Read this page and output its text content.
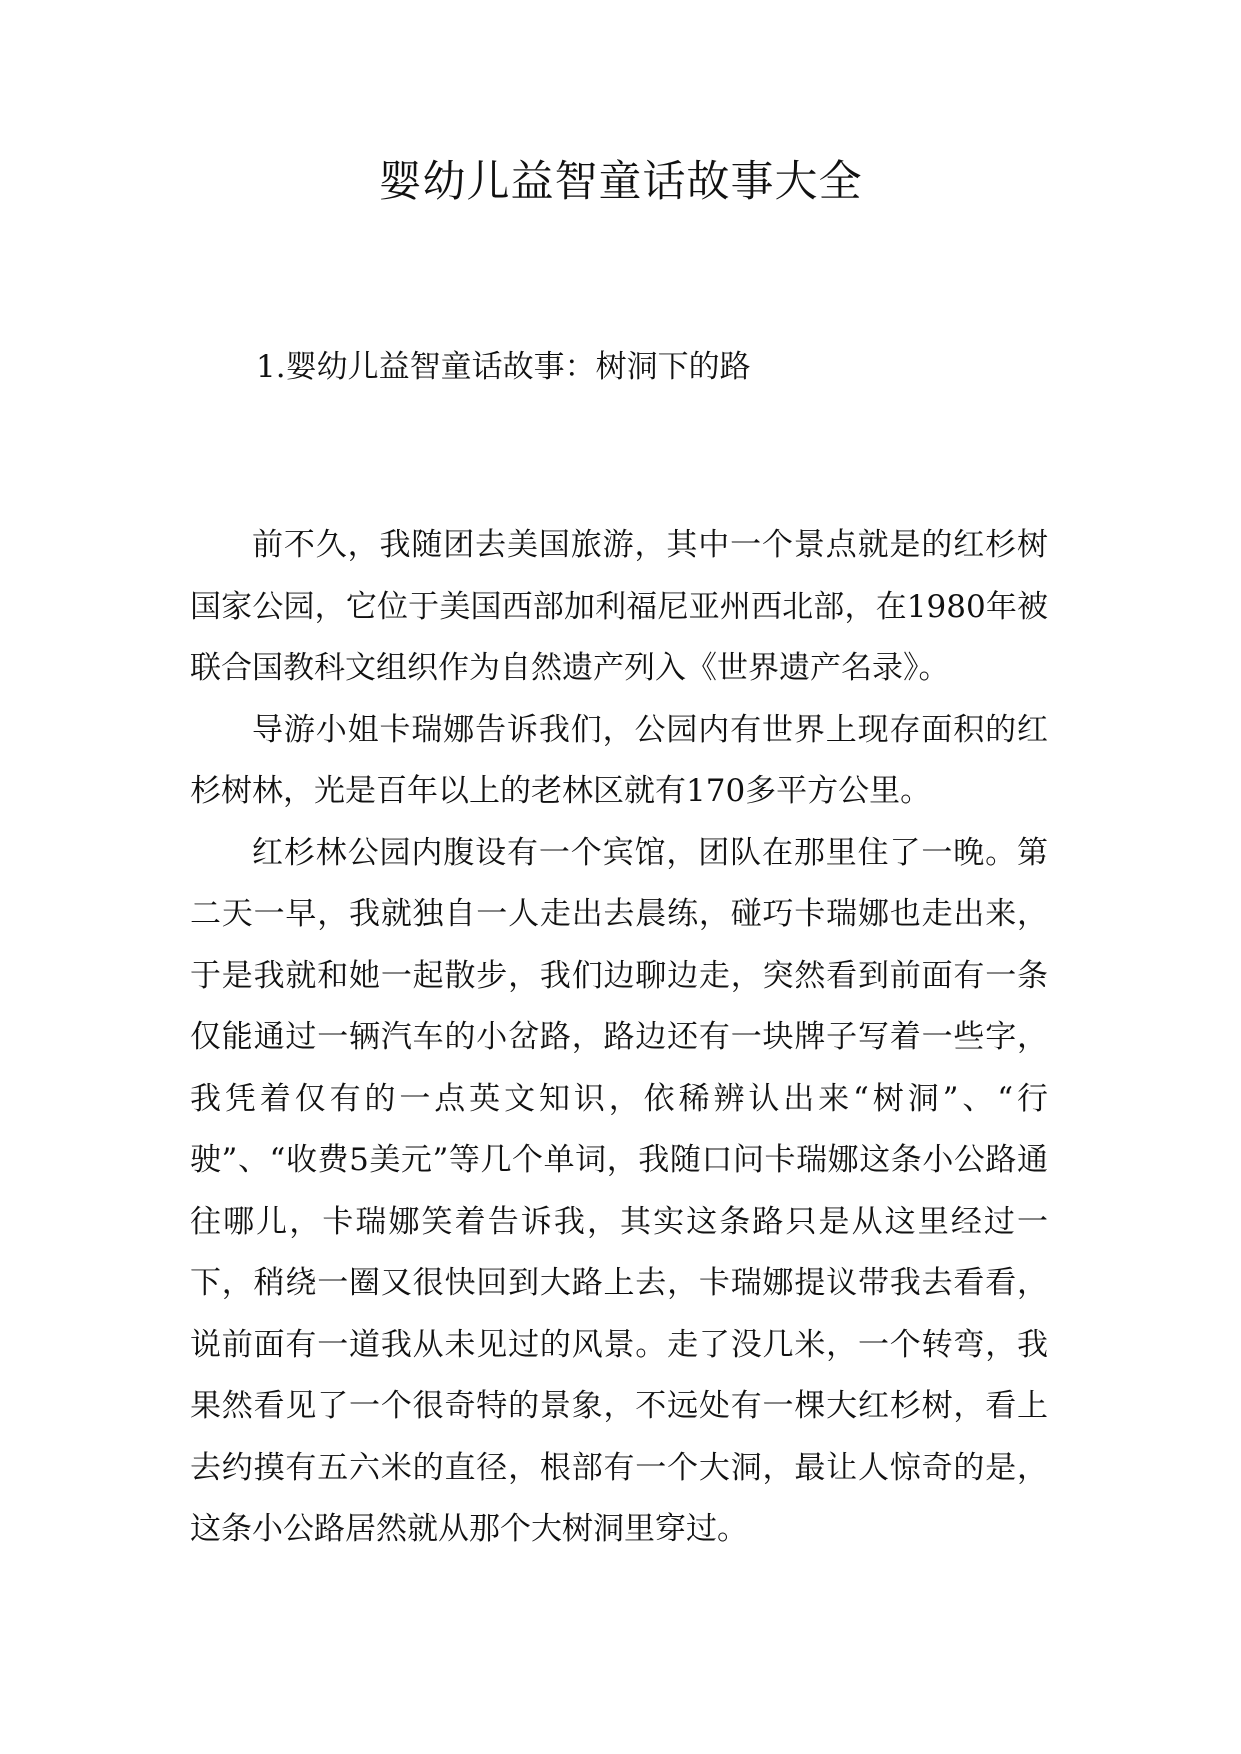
婴幼儿益智童话故事大全
1.婴幼儿益智童话故事：树洞下的路

前不久，我随团去美国旅游，其中一个景点就是的红杉树国家公园，它位于美国西部加利福尼亚州西北部，在1980年被联合国教科文组织作为自然遗产列入《世界遗产名录》。

导游小姐卡瑞娜告诉我们，公园内有世界上现存面积的红杉树林，光是百年以上的老林区就有170多平方公里。

红杉林公园内腹设有一个宾馆，团队在那里住了一晚。第二天一早，我就独自一人走出去晨练，碰巧卡瑞娜也走出来，于是我就和她一起散步，我们边聊边走，突然看到前面有一条仅能通过一辆汽车的小岔路，路边还有一块牌子写着一些字，我凭着仅有的一点英文知识，依稀辨认出来“树洞”、“行驶”、“收费5美元”等几个单词，我随口问卡瑞娜这条小公路通往哪儿，卡瑞娜笑着告诉我，其实这条路只是从这里经过一下，稍绕一圈又很快回到大路上去，卡瑞娜提议带我去看看，说前面有一道我从未见过的风景。走了没几米，一个转弯，我果然看见了一个很奇特的景象，不远处有一棵大红杉树，看上去约摸有五六米的直径，根部有一个大洞，最让人惊奇的是，这条小公路居然就从那个大树洞里穿过。
